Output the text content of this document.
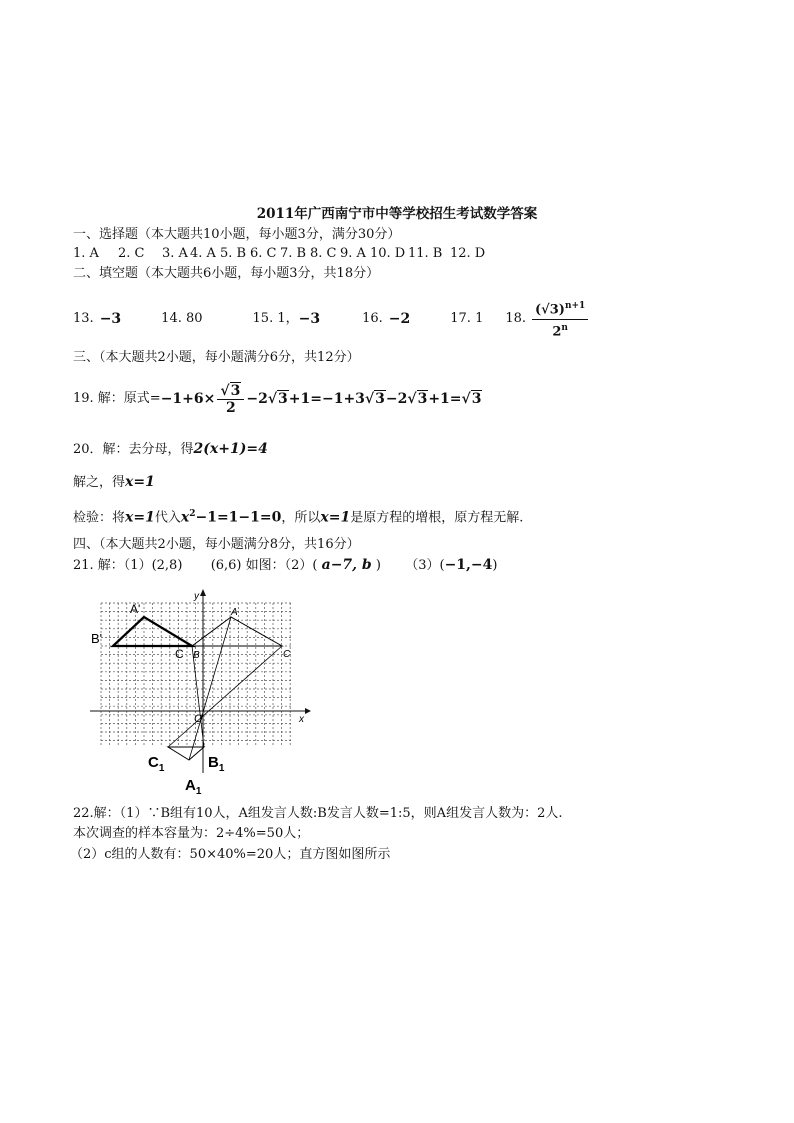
2011年广西南宁市中等学校招生考试数学答案
一、选择题（本大题共10小题，每小题3分，满分30分）
1. A 2. C 3. A 4. A 5. B 6. C 7. B 8. C 9. A 10. D 11. B 12. D
二、填空题（本大题共6小题，每小题3分，共18分）
13. −3	14. 80	15. 1， −3	16. −2	17. 1 18. $\frac{(√3)^{n+1}}{2^n}$
三、（本大题共2小题，每小题满分6分，共12分）
19. 解：原式= $-1+6\times \frac{√3}{2} -2$ √3 +1=−1+3 √3 −2 √3 +1= √3
20．解：去分母，得2(x+1)=4
解之，得x=1
检验：将x=1代入$x^2-1=1-1=0$，所以x=1是原方程的增根，原方程无解.
四、（本大题共2小题，每小题满分8分，共16分）
21. 解：（1）(2,8) (6,6) 如图：（2）( a−7, b ) （3）(−1,−4)
x
y
O
A'
B'
C
A
B	C
$C_1$	$B_1$
$A_1$
22.解：（1）∵B组有10人，A组发言人数:B发言人数=1:5，则A组发言人数为：2人.
本次调查的样本容量为：2÷4%=50人；
（2）c组的人数有：50×40%=20人；直方图如图所示
